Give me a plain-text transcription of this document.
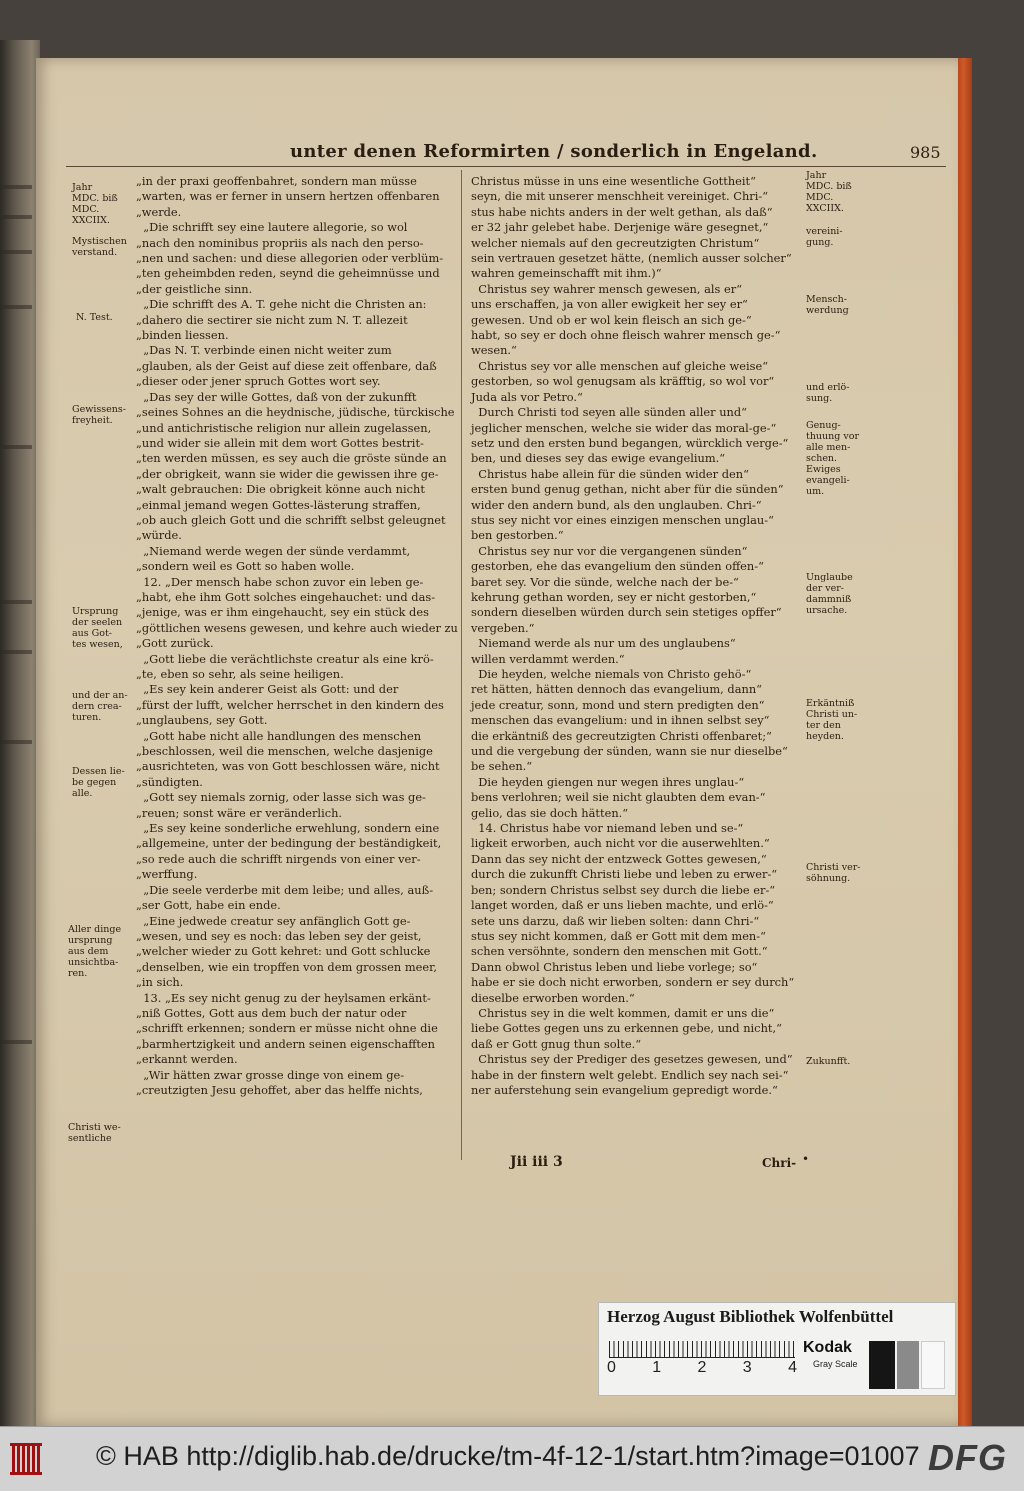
unter denen Reformirten / sonderlich in Engeland.	985
Jahr
MDC. biß
MDC.
XXCIIX.
Mystischen
verstand.
N. Test.
Gewissens-
freyheit.
Ursprung
der seelen
aus Got-
tes wesen,
und der an-
dern crea-
turen.
Dessen lie-
be gegen
alle.
Aller dinge
ursprung
aus dem
unsichtba-
ren.
Christi we-
sentliche
Jahr
MDC. biß
MDC.
XXCIIX.
vereini-
gung.
Mensch-
werdung
und erlö-
sung.
Genug-
thuung vor
alle men-
schen.
Ewiges
evangeli-
um.
Unglaube
der ver-
dammniß
ursache.
Erkäntniß
Christi un-
ter den
heyden.
Christi ver-
söhnung.
Zukunfft.

„in der praxi geoffenbahret, sondern man müsse

„warten, was er ferner in unsern hertzen offenbaren

„werde.

„Die schrifft sey eine lautere allegorie, so wol

„nach den nominibus propriis als nach den perso-

„nen und sachen: und diese allegorien oder verblüm-

„ten geheimbden reden, seynd die geheimnüsse und

„der geistliche sinn.

„Die schrifft des A. T. gehe nicht die Christen an:

„dahero die sectirer sie nicht zum N. T. allezeit

„binden liessen.

„Das N. T. verbinde einen nicht weiter zum

„glauben, als der Geist auf diese zeit offenbare, daß

„dieser oder jener spruch Gottes wort sey.

„Das sey der wille Gottes, daß von der zukunfft

„seines Sohnes an die heydnische, jüdische, türckische

„und antichristische religion nur allein zugelassen,

„und wider sie allein mit dem wort Gottes bestrit-

„ten werden müssen, es sey auch die gröste sünde an

„der obrigkeit, wann sie wider die gewissen ihre ge-

„walt gebrauchen: Die obrigkeit könne auch nicht

„einmal jemand wegen Gottes-lästerung straffen,

„ob auch gleich Gott und die schrifft selbst geleugnet

„würde.

„Niemand werde wegen der sünde verdammt,

„sondern weil es Gott so haben wolle.

12. „Der mensch habe schon zuvor ein leben ge-

„habt, ehe ihm Gott solches eingehauchet: und das-

„jenige, was er ihm eingehaucht, sey ein stück des

„göttlichen wesens gewesen, und kehre auch wieder zu

„Gott zurück.

„Gott liebe die verächtlichste creatur als eine krö-

„te, eben so sehr, als seine heiligen.

„Es sey kein anderer Geist als Gott: und der

„fürst der lufft, welcher herrschet in den kindern des

„unglaubens, sey Gott.

„Gott habe nicht alle handlungen des menschen

„beschlossen, weil die menschen, welche dasjenige

„ausrichteten, was von Gott beschlossen wäre, nicht

„sündigten.

„Gott sey niemals zornig, oder lasse sich was ge-

„reuen; sonst wäre er veränderlich.

„Es sey keine sonderliche erwehlung, sondern eine

„allgemeine, unter der bedingung der beständigkeit,

„so rede auch die schrifft nirgends von einer ver-

„werffung.

„Die seele verderbe mit dem leibe; und alles, auß-

„ser Gott, habe ein ende.

„Eine jedwede creatur sey anfänglich Gott ge-

„wesen, und sey es noch: das leben sey der geist,

„welcher wieder zu Gott kehret: und Gott schlucke

„denselben, wie ein tropffen von dem grossen meer,

„in sich.

13. „Es sey nicht genug zu der heylsamen erkänt-

„niß Gottes, Gott aus dem buch der natur oder

„schrifft erkennen; sondern er müsse nicht ohne die

„barmhertzigkeit und andern seinen eigenschafften

„erkannt werden.

„Wir hätten zwar grosse dinge von einem ge-

„creutzigten Jesu gehoffet, aber das helffe nichts,

Christus müsse in uns eine wesentliche Gottheit“

seyn, die mit unserer menschheit vereiniget. Chri-“

stus habe nichts anders in der welt gethan, als daß“

er 32 jahr gelebet habe. Derjenige wäre gesegnet,“

welcher niemals auf den gecreutzigten Christum“

sein vertrauen gesetzet hätte, (nemlich ausser solcher“

wahren gemeinschafft mit ihm.)“

Christus sey wahrer mensch gewesen, als er“

uns erschaffen, ja von aller ewigkeit her sey er“

gewesen. Und ob er wol kein fleisch an sich ge-“

habt, so sey er doch ohne fleisch wahrer mensch ge-“

wesen.“

Christus sey vor alle menschen auf gleiche weise“

gestorben, so wol genugsam als kräfftig, so wol vor“

Juda als vor Petro.“

Durch Christi tod seyen alle sünden aller und“

jeglicher menschen, welche sie wider das moral-ge-“

setz und den ersten bund begangen, würcklich verge-“

ben, und dieses sey das ewige evangelium.“

Christus habe allein für die sünden wider den“

ersten bund genug gethan, nicht aber für die sünden“

wider den andern bund, als den unglauben. Chri-“

stus sey nicht vor eines einzigen menschen unglau-“

ben gestorben.“

Christus sey nur vor die vergangenen sünden“

gestorben, ehe das evangelium den sünden offen-“

baret sey. Vor die sünde, welche nach der be-“

kehrung gethan worden, sey er nicht gestorben,“

sondern dieselben würden durch sein stetiges opffer“

vergeben.“

Niemand werde als nur um des unglaubens“

willen verdammt werden.“

Die heyden, welche niemals von Christo gehö-“

ret hätten, hätten dennoch das evangelium, dann“

jede creatur, sonn, mond und stern predigten den“

menschen das evangelium: und in ihnen selbst sey“

die erkäntniß des gecreutzigten Christi offenbaret;“

und die vergebung der sünden, wann sie nur dieselbe“

be sehen.“

Die heyden giengen nur wegen ihres unglau-“

bens verlohren; weil sie nicht glaubten dem evan-“

gelio, das sie doch hätten.“

14. Christus habe vor niemand leben und se-“

ligkeit erworben, auch nicht vor die auserwehlten.“

Dann das sey nicht der entzweck Gottes gewesen,“

durch die zukunfft Christi liebe und leben zu erwer-“

ben; sondern Christus selbst sey durch die liebe er-“

langet worden, daß er uns lieben machte, und erlö-“

sete uns darzu, daß wir lieben solten: dann Chri-“

stus sey nicht kommen, daß er Gott mit dem men-“

schen versöhnte, sondern den menschen mit Gott.“

Dann obwol Christus leben und liebe vorlege; so“

habe er sie doch nicht erworben, sondern er sey durch“

dieselbe erworben worden.“

Christus sey in die welt kommen, damit er uns die“

liebe Gottes gegen uns zu erkennen gebe, und nicht,“

daß er Gott gnug thun solte.“

Christus sey der Prediger des gesetzes gewesen, und“

habe in der finstern welt gelebt. Endlich sey nach sei-“

ner auferstehung sein evangelium gepredigt worde.“

Jii iii 3	Chri- •
Herzog August Bibliothek Wolfenbüttel
0 1 2 3 4
Kodak
Gray Scale
© HAB http://diglib.hab.de/drucke/tm-4f-12-1/start.htm?image=01007 DFG
